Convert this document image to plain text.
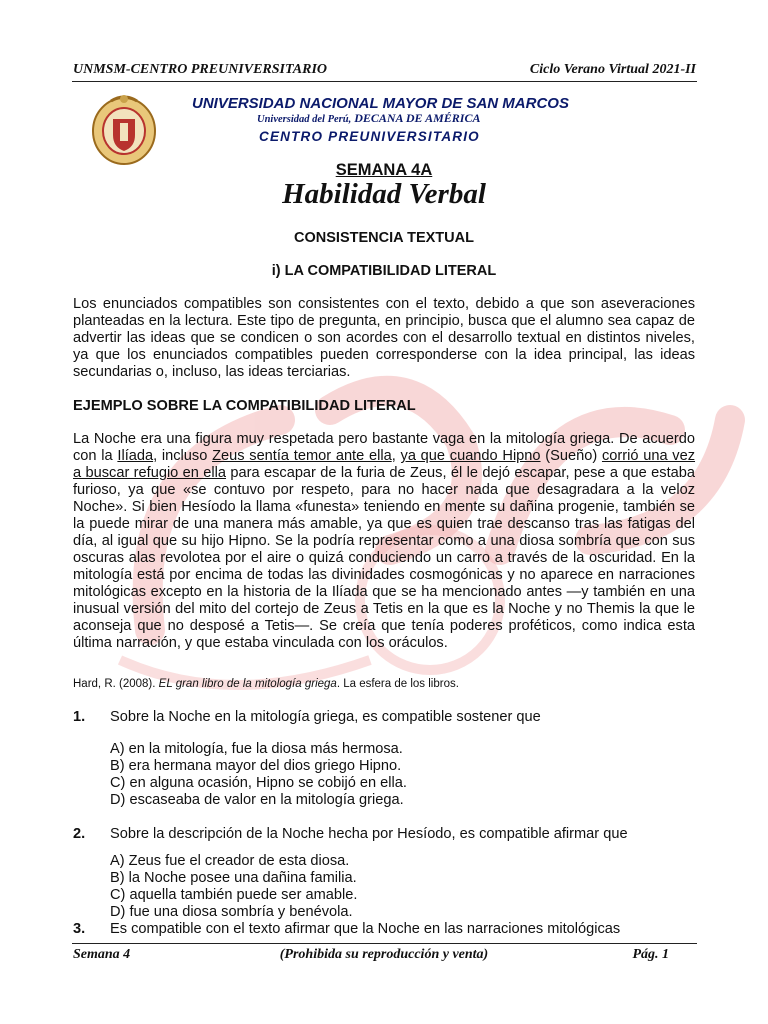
UNMSM-CENTRO PREUNIVERSITARIO	Ciclo Verano Virtual 2021-II
UNIVERSIDAD NACIONAL MAYOR DE SAN MARCOS
Universidad del Perú, DECANA DE AMÉRICA
CENTRO PREUNIVERSITARIO
SEMANA 4A
Habilidad Verbal
CONSISTENCIA TEXTUAL
i) LA COMPATIBILIDAD LITERAL
Los enunciados compatibles son consistentes con el texto, debido a que son aseveraciones planteadas en la lectura. Este tipo de pregunta, en principio, busca que el alumno sea capaz de advertir las ideas que se condicen o son acordes con el desarrollo textual en distintos niveles, ya que los enunciados compatibles pueden corresponderse con la idea principal, las ideas secundarias o, incluso, las ideas terciarias.
EJEMPLO SOBRE LA COMPATIBILIDAD LITERAL
La Noche era una figura muy respetada pero bastante vaga en la mitología griega. De acuerdo con la Ilíada, incluso Zeus sentía temor ante ella, ya que cuando Hipno (Sueño) corrió una vez a buscar refugio en ella para escapar de la furia de Zeus, él le dejó escapar, pese a que estaba furioso, ya que «se contuvo por respeto, para no hacer nada que desagradara a la veloz Noche». Si bien Hesíodo la llama «funesta» teniendo en mente su dañina progenie, también se la puede mirar de una manera más amable, ya que es quien trae descanso tras las fatigas del día, al igual que su hijo Hipno. Se la podría representar como a una diosa sombría que con sus oscuras alas revolotea por el aire o quizá conduciendo un carro a través de la oscuridad. En la mitología está por encima de todas las divinidades cosmogónicas y no aparece en narraciones mitológicas excepto en la historia de la Ilíada que se ha mencionado antes —y también en una inusual versión del mito del cortejo de Zeus a Tetis en la que es la Noche y no Themis la que le aconseja que no desposé a Tetis—. Se creía que tenía poderes proféticos, como indica esta última narración, y que estaba vinculada con los oráculos.
Hard, R. (2008). EL gran libro de la mitología griega. La esfera de los libros.
1. Sobre la Noche en la mitología griega, es compatible sostener que
A) en la mitología, fue la diosa más hermosa.
B) era hermana mayor del dios griego Hipno.
C) en alguna ocasión, Hipno se cobijó en ella.
D) escaseaba de valor en la mitología griega.
2. Sobre la descripción de la Noche hecha por Hesíodo, es compatible afirmar que
A) Zeus fue el creador de esta diosa.
B) la Noche posee una dañina familia.
C) aquella también puede ser amable.
D) fue una diosa sombría y benévola.
3. Es compatible con el texto afirmar que la Noche en las narraciones mitológicas
Semana 4	(Prohibida su reproducción y venta)	Pág. 1
